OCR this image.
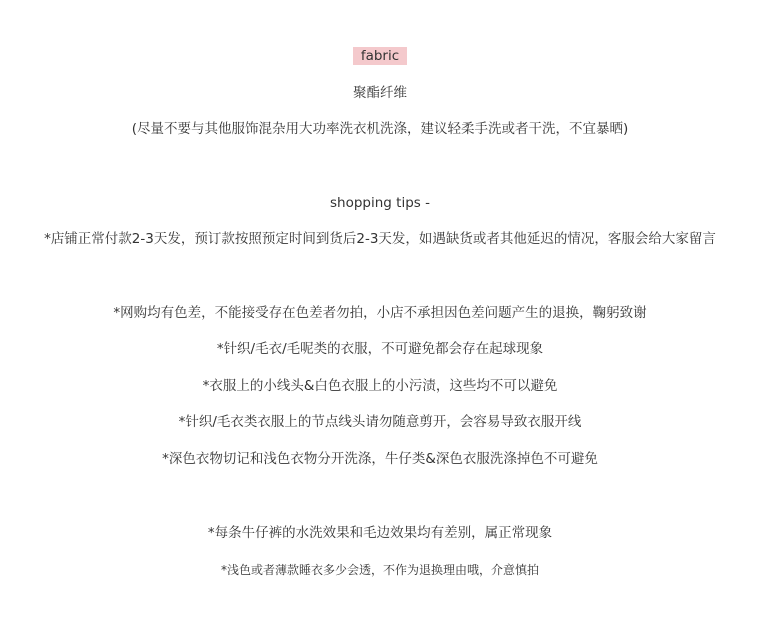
fabric
聚酯纤维
(尽量不要与其他服饰混杂用大功率洗衣机洗涤，建议轻柔手洗或者干洗，不宜暴晒)
shopping tips -
*店铺正常付款2-3天发，预订款按照预定时间到货后2-3天发，如遇缺货或者其他延迟的情况，客服会给大家留言
*网购均有色差，不能接受存在色差者勿拍，小店不承担因色差问题产生的退换，鞠躬致谢
*针织/毛衣/毛呢类的衣服，不可避免都会存在起球现象
*衣服上的小线头&白色衣服上的小污渍，这些均不可以避免
*针织/毛衣类衣服上的节点线头请勿随意剪开，会容易导致衣服开线
*深色衣物切记和浅色衣物分开洗涤，牛仔类&深色衣服洗涤掉色不可避免
*每条牛仔裤的水洗效果和毛边效果均有差别，属正常现象
*浅色或者薄款睡衣多少会透，不作为退换理由哦，介意慎拍
